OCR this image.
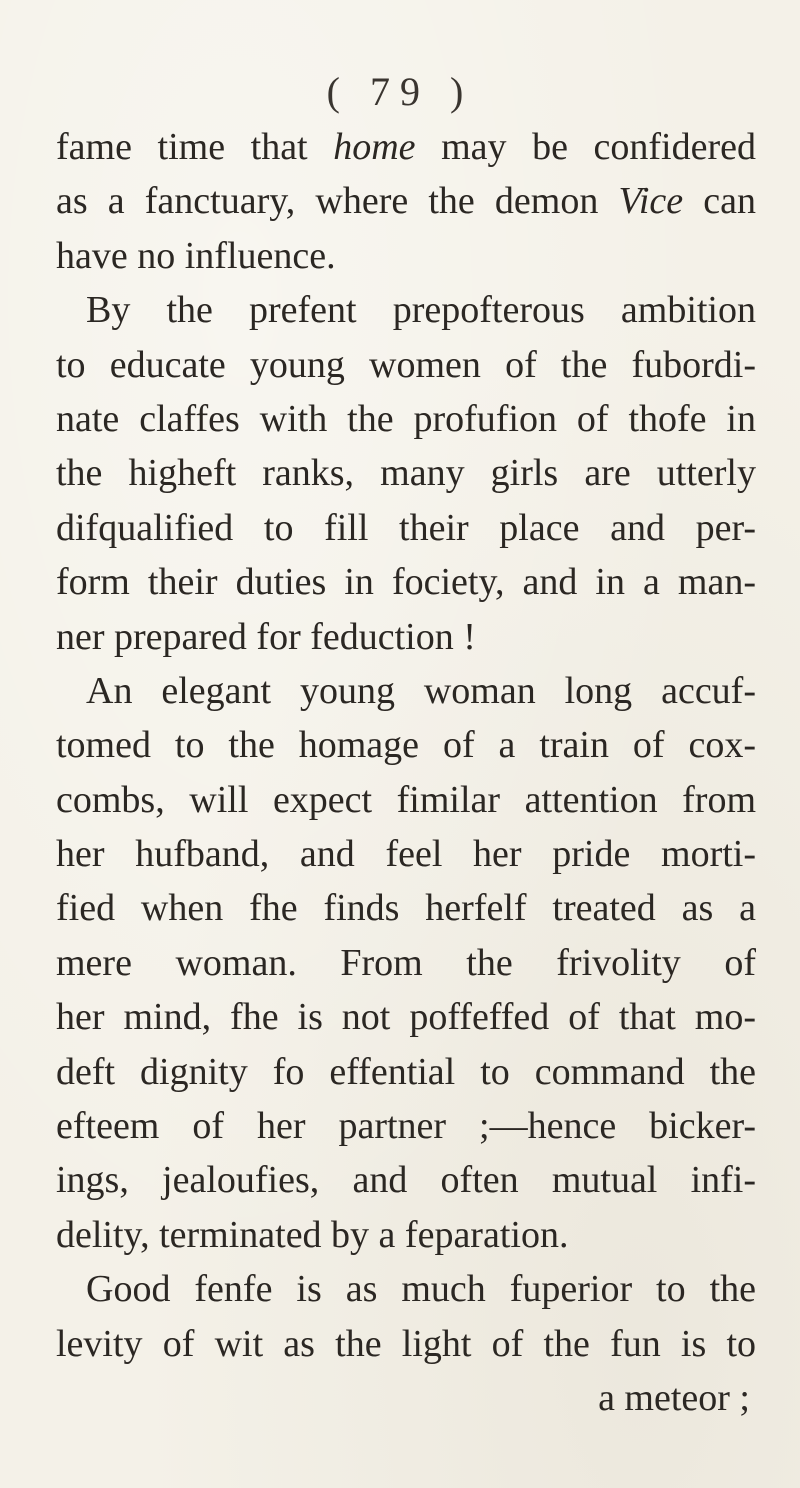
( 79 )
fame time that home may be confidered
as a fanctuary, where the demon Vice can
have no influence.
By the prefent prepofterous ambition
to educate young women of the fubordi-
nate claffes with the profufion of thofe in
the higheft ranks, many girls are utterly
difqualified to fill their place and per-
form their duties in fociety, and in a man-
ner prepared for feduction !
An elegant young woman long accuf-
tomed to the homage of a train of cox-
combs, will expect fimilar attention from
her hufband, and feel her pride morti-
fied when fhe finds herfelf treated as a
mere woman. From the frivolity of
her mind, fhe is not poffeffed of that mo-
deft dignity fo effential to command the
efteem of her partner ;—hence bicker-
ings, jealoufies, and often mutual infi-
delity, terminated by a feparation.
Good fenfe is as much fuperior to the
levity of wit as the light of the fun is to
a meteor ;
